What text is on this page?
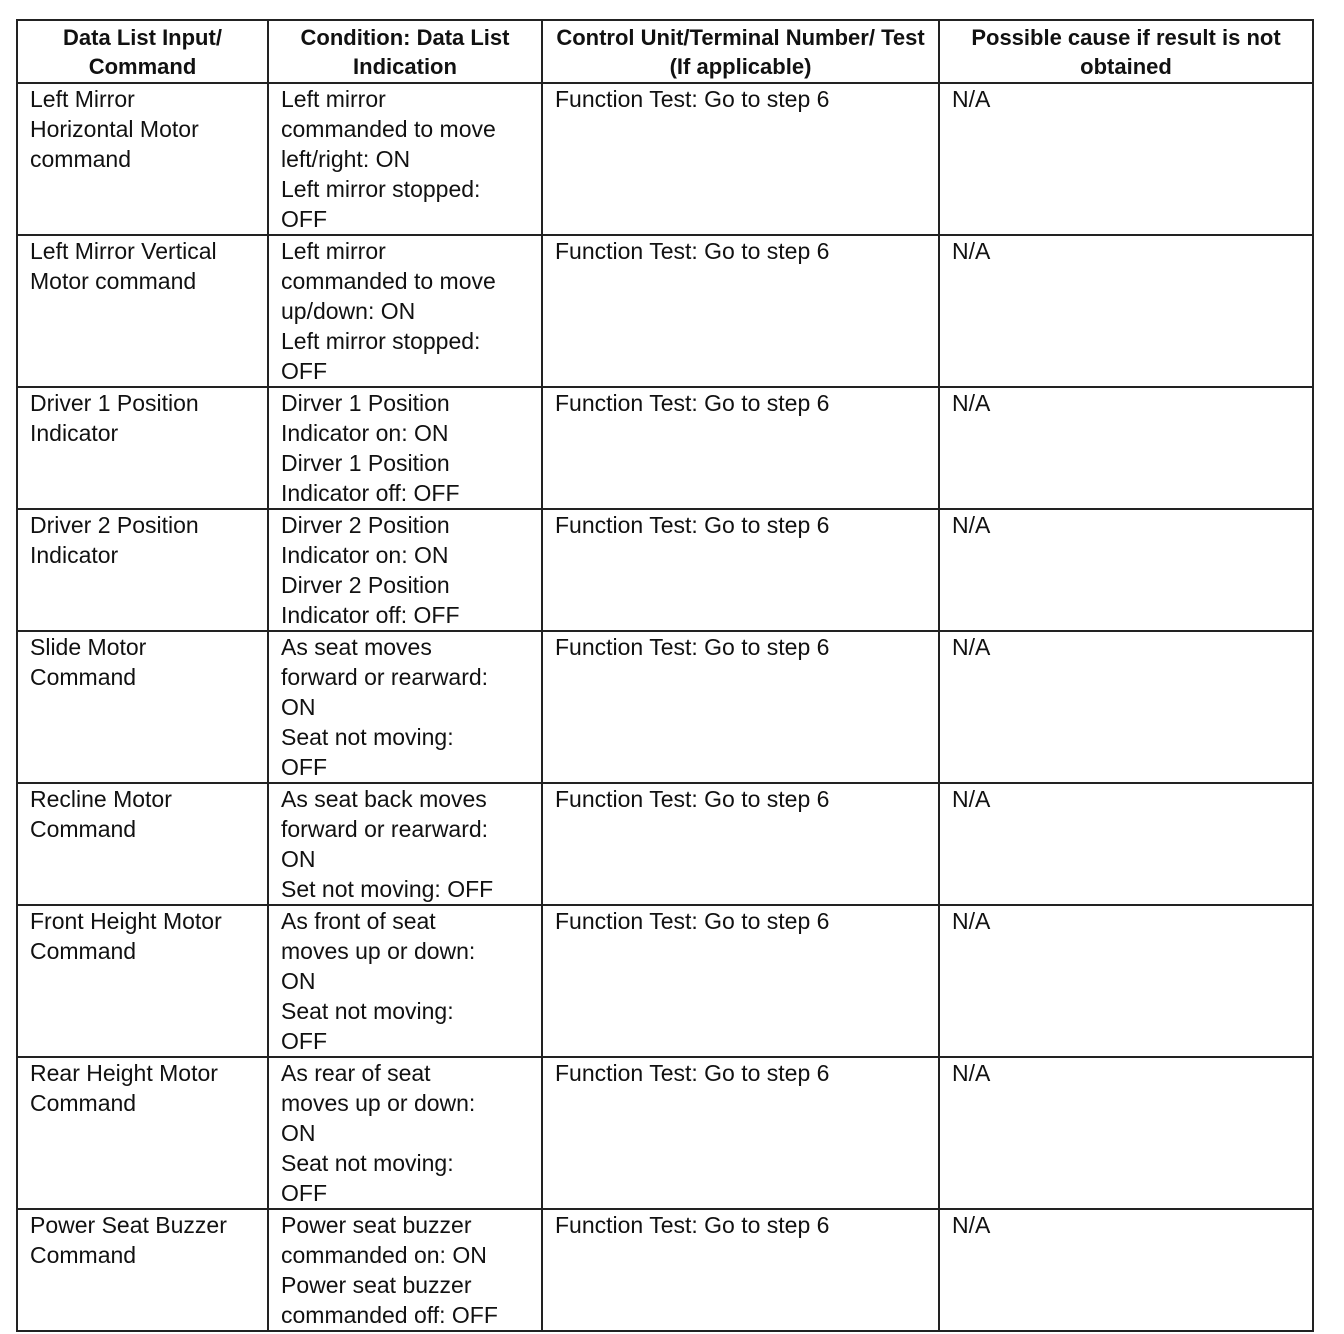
Data List Input/ Command	Condition: Data List Indication	Control Unit/Terminal Number/ Test (If applicable)	Possible cause if result is not obtained

Left Mirror
Horizontal Motor
command	Left mirror
commanded to move
left/right: ON
Left mirror stopped:
OFF	Function Test: Go to step 6	N/A

Left Mirror Vertical
Motor command	Left mirror
commanded to move
up/down: ON
Left mirror stopped:
OFF	Function Test: Go to step 6	N/A

Driver 1 Position
Indicator	Dirver 1 Position
Indicator on: ON
Dirver 1 Position
Indicator off: OFF	Function Test: Go to step 6	N/A

Driver 2 Position
Indicator	Dirver 2 Position
Indicator on: ON
Dirver 2 Position
Indicator off: OFF	Function Test: Go to step 6	N/A

Slide Motor
Command	As seat moves
forward or rearward:
ON
Seat not moving:
OFF	Function Test: Go to step 6	N/A

Recline Motor
Command	As seat back moves
forward or rearward:
ON
Set not moving: OFF	Function Test: Go to step 6	N/A

Front Height Motor
Command	As front of seat
moves up or down:
ON
Seat not moving:
OFF	Function Test: Go to step 6	N/A

Rear Height Motor
Command	As rear of seat
moves up or down:
ON
Seat not moving:
OFF	Function Test: Go to step 6	N/A

Power Seat Buzzer
Command	Power seat buzzer
commanded on: ON
Power seat buzzer
commanded off: OFF	Function Test: Go to step 6	N/A
